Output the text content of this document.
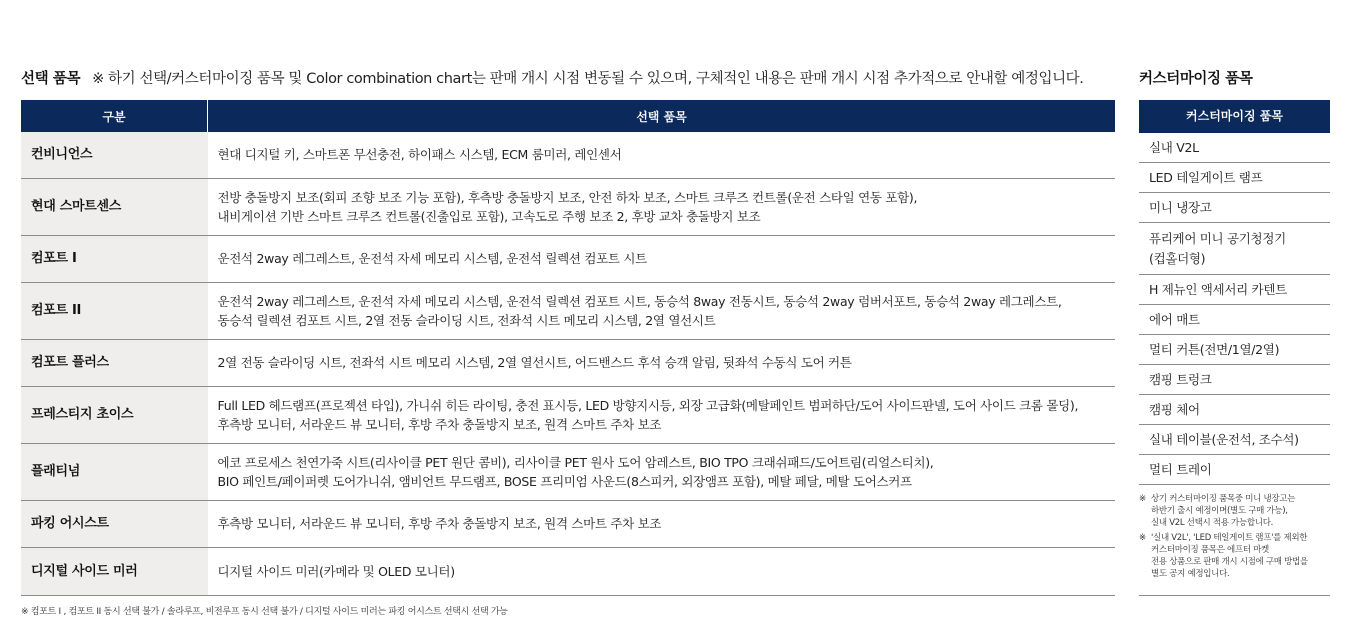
선택 품목 ※ 하기 선택/커스터마이징 품목 및 Color combination chart는 판매 개시 시점 변동될 수 있으며, 구체적인 내용은 판매 개시 시점 추가적으로 안내할 예정입니다.
구분	선택 품목
컨비니언스	현대 디지털 키, 스마트폰 무선충전, 하이패스 시스템, ECM 룸미러, 레인센서

현대 스마트센스	전방 충돌방지 보조(회피 조향 보조 기능 포함), 후측방 충돌방지 보조, 안전 하차 보조, 스마트 크루즈 컨트롤(운전 스타일 연동 포함),
내비게이션 기반 스마트 크루즈 컨트롤(진출입로 포함), 고속도로 주행 보조 2, 후방 교차 충돌방지 보조

컴포트 I	운전석 2way 레그레스트, 운전석 자세 메모리 시스템, 운전석 릴렉션 컴포트 시트

컴포트 II	운전석 2way 레그레스트, 운전석 자세 메모리 시스템, 운전석 릴렉션 컴포트 시트, 동승석 8way 전동시트, 동승석 2way 럼버서포트, 동승석 2way 레그레스트,
동승석 릴렉션 컴포트 시트, 2열 전동 슬라이딩 시트, 전좌석 시트 메모리 시스템, 2열 열선시트

컴포트 플러스	2열 전동 슬라이딩 시트, 전좌석 시트 메모리 시스템, 2열 열선시트, 어드밴스드 후석 승객 알림, 뒷좌석 수동식 도어 커튼

프레스티지 초이스	Full LED 헤드램프(프로젝션 타입), 가니쉬 히든 라이팅, 충전 표시등, LED 방향지시등, 외장 고급화(메탈페인트 범퍼하단/도어 사이드판넬, 도어 사이드 크롬 몰딩),
후측방 모니터, 서라운드 뷰 모니터, 후방 주차 충돌방지 보조, 원격 스마트 주차 보조

플래티넘	에코 프로세스 천연가죽 시트(리사이클 PET 원단 콤비), 리사이클 PET 원사 도어 암레스트, BIO TPO 크래쉬패드/도어트림(리얼스티치),
BIO 페인트/페이퍼렛 도어가니쉬, 앰비언트 무드램프, BOSE 프리미엄 사운드(8스피커, 외장앰프 포함), 메탈 페달, 메탈 도어스커프

파킹 어시스트	후측방 모니터, 서라운드 뷰 모니터, 후방 주차 충돌방지 보조, 원격 스마트 주차 보조

디지털 사이드 미러	디지털 사이드 미러(카메라 및 OLED 모니터)
※ 컴포트 I , 컴포트 II 동시 선택 불가 / 솔라루프, 비전루프 동시 선택 불가 / 디지털 사이드 미러는 파킹 어시스트 선택시 선택 가능
커스터마이징 품목
커스터마이징 품목
실내 V2L
LED 테일게이트 램프
미니 냉장고
퓨리케어 미니 공기청정기
(컵홀더형)
H 제뉴인 액세서리 카텐트
에어 매트
멀티 커튼(전면/1열/2열)
캠핑 트렁크
캠핑 체어
실내 테이블(운전석, 조수석)
멀티 트레이
※ 상기 커스터마이징 품목중 미니 냉장고는
하반기 출시 예정이며(별도 구매 가능),
실내 V2L 선택시 적용 가능합니다.
※ '실내 V2L', 'LED 테일게이트 램프'를 제외한
커스터마이징 품목은 에프터 마켓
전용 상품으로 판매 개시 시점에 구매 방법을
별도 공지 예정입니다.
